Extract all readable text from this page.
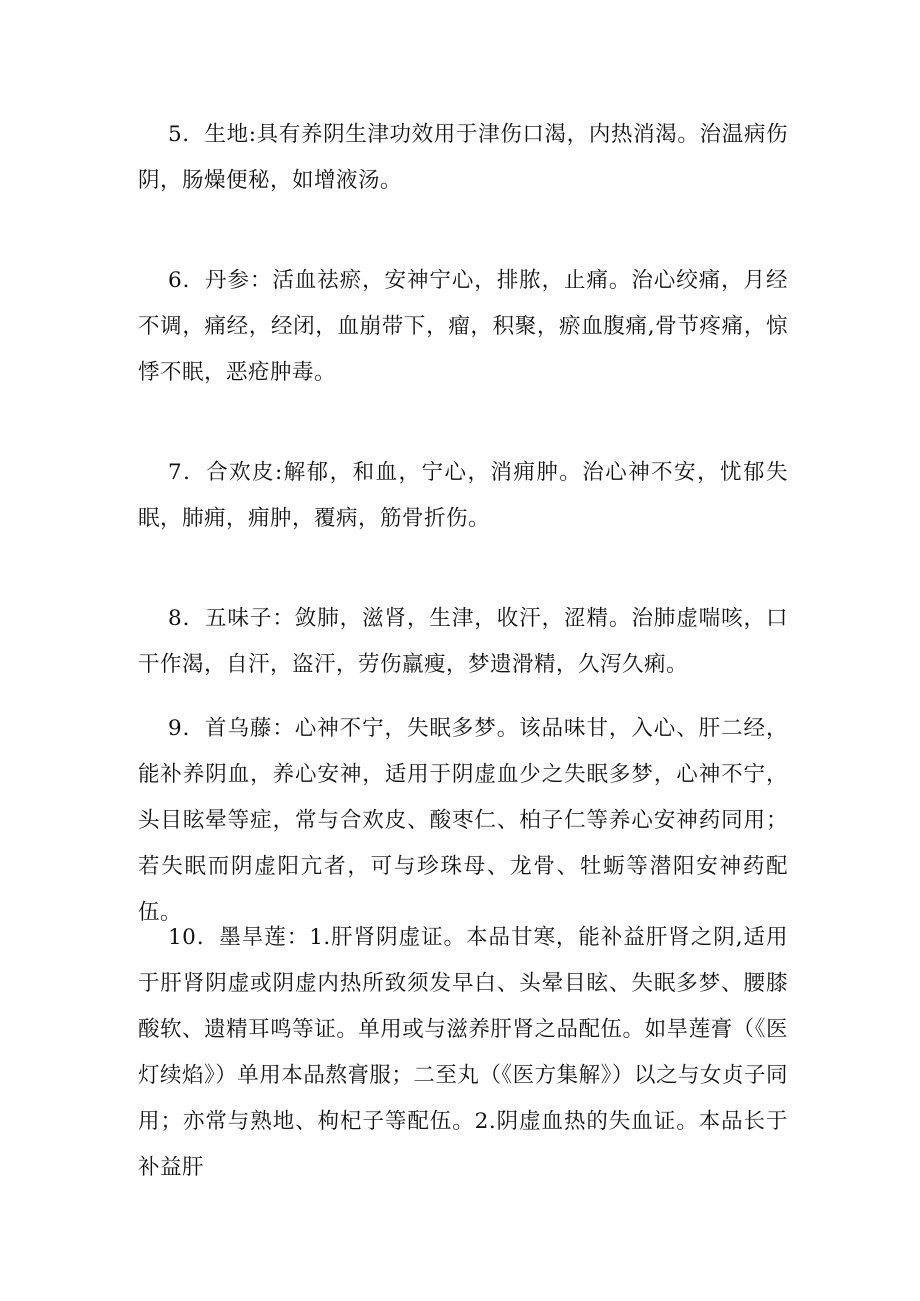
5．生地:具有养阴生津功效用于津伤口渴，内热消渴。治温病伤阴，肠燥便秘，如增液汤。

6．丹参：活血祛瘀，安神宁心，排脓，止痛。治心绞痛，月经不调，痛经，经闭，血崩带下，瘤，积聚，瘀血腹痛,骨节疼痛，惊悸不眠，恶疮肿毒。

7．合欢皮:解郁，和血，宁心，消痈肿。治心神不安，忧郁失眠，肺痈，痈肿，覆病，筋骨折伤。

8．五味子：敛肺，滋肾，生津，收汗，涩精。治肺虚喘咳，口干作渴，自汗，盗汗，劳伤羸瘦，梦遗滑精，久泻久痢。

9．首乌藤：心神不宁，失眠多梦。该品味甘，入心、肝二经，能补养阴血，养心安神，适用于阴虚血少之失眠多梦，心神不宁，头目眩晕等症，常与合欢皮、酸枣仁、柏子仁等养心安神药同用；若失眠而阴虚阳亢者，可与珍珠母、龙骨、牡蛎等潜阳安神药配伍。

10．墨旱莲：1.肝肾阴虚证。本品甘寒，能补益肝肾之阴,适用于肝肾阴虚或阴虚内热所致须发早白、头晕目眩、失眠多梦、腰膝酸软、遗精耳鸣等证。单用或与滋养肝肾之品配伍。如旱莲膏（《医灯续焰》）单用本品熬膏服；二至丸（《医方集解》）以之与女贞子同用；亦常与熟地、枸杞子等配伍。2.阴虚血热的失血证。本品长于补益肝
